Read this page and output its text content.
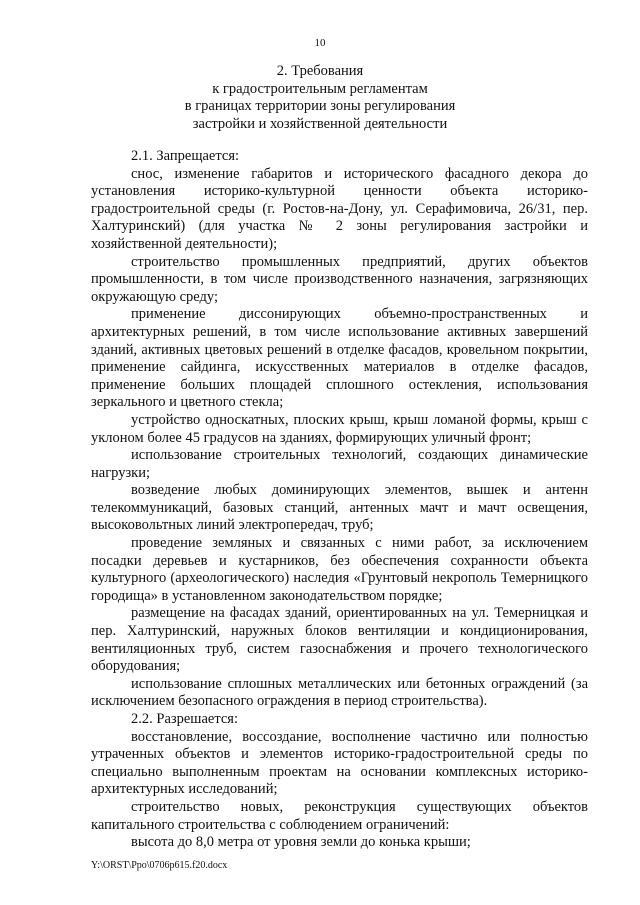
10
2. Требования
к градостроительным регламентам
в границах территории зоны регулирования
застройки и хозяйственной деятельности

2.1. Запрещается:

снос, изменение габаритов и исторического фасадного декора до установления историко-культурной ценности объекта историко-градостроительной среды (г. Ростов-на-Дону, ул. Серафимовича, 26/31, пер. Халтуринский) (для участка № 2 зоны регулирования застройки и хозяйственной деятельности);

строительство промышленных предприятий, других объектов промышленности, в том числе производственного назначения, загрязняющих окружающую среду;

применение диссонирующих объемно-пространственных и архитектурных решений, в том числе использование активных завершений зданий, активных цветовых решений в отделке фасадов, кровельном покрытии, применение сайдинга, искусственных материалов в отделке фасадов, применение больших площадей сплошного остекления, использования зеркального и цветного стекла;

устройство односкатных, плоских крыш, крыш ломаной формы, крыш с уклоном более 45 градусов на зданиях, формирующих уличный фронт;

использование строительных технологий, создающих динамические нагрузки;

возведение любых доминирующих элементов, вышек и антенн телекоммуникаций, базовых станций, антенных мачт и мачт освещения, высоковольтных линий электропередач, труб;

проведение земляных и связанных с ними работ, за исключением посадки деревьев и кустарников, без обеспечения сохранности объекта культурного (археологического) наследия «Грунтовый некрополь Темерницкого городища» в установленном законодательством порядке;

размещение на фасадах зданий, ориентированных на ул. Темерницкая и пер. Халтуринский, наружных блоков вентиляции и кондиционирования, вентиляционных труб, систем газоснабжения и прочего технологического оборудования;

использование сплошных металлических или бетонных ограждений (за исключением безопасного ограждения в период строительства).

2.2. Разрешается:

восстановление, воссоздание, восполнение частично или полностью утраченных объектов и элементов историко-градостроительной среды по специально выполненным проектам на основании комплексных историко-архитектурных исследований;

строительство новых, реконструкция существующих объектов капитального строительства с соблюдением ограничений:

высота до 8,0 метра от уровня земли до конька крыши;

Y:\ORST\Ppo\0706p615.f20.docx
